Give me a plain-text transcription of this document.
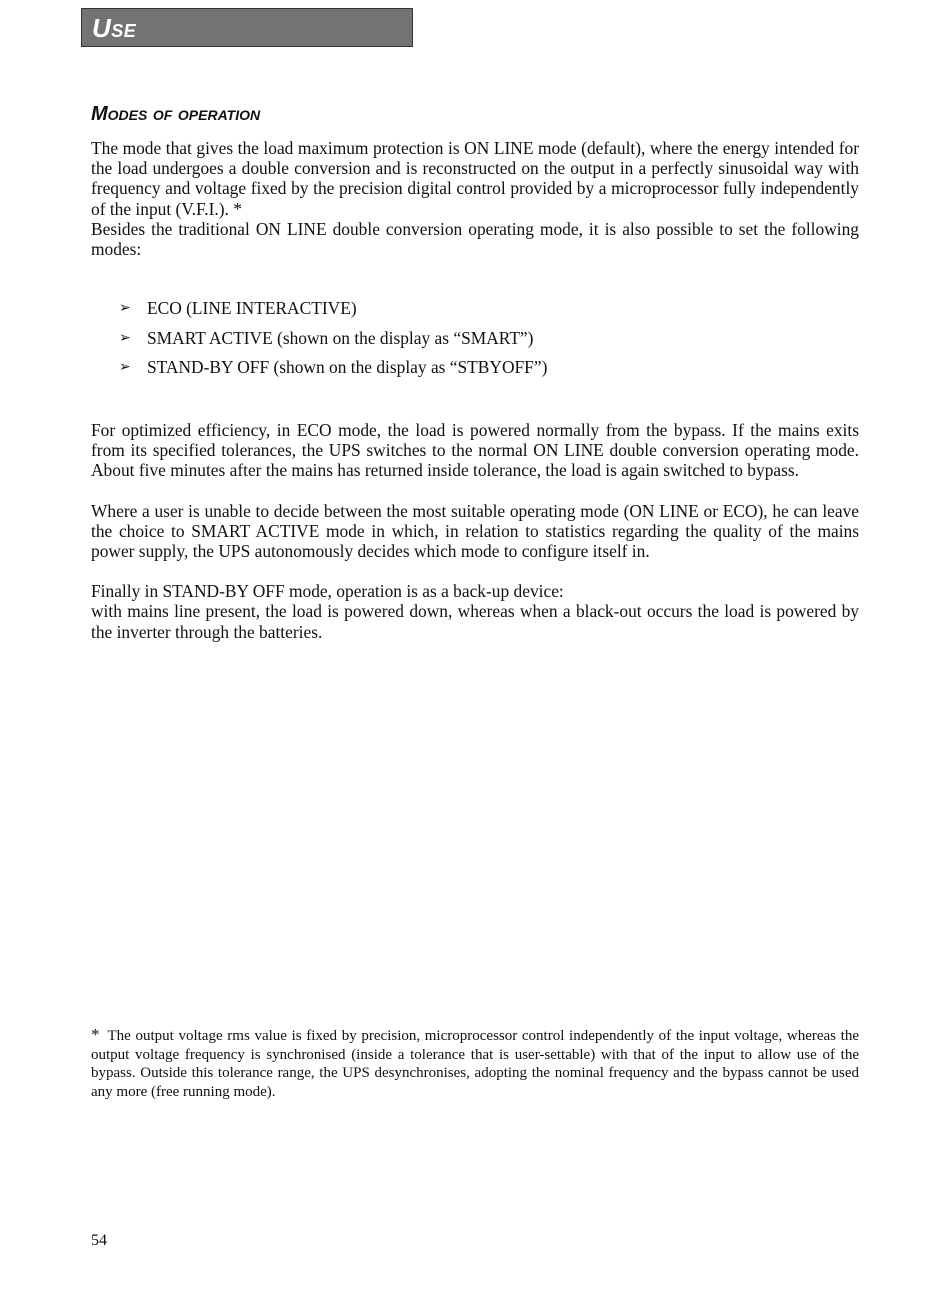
Use
Modes of operation

The mode that gives the load maximum protection is ON LINE mode (default), where the energy intended for the load undergoes a double conversion and is reconstructed on the output in a perfectly sinusoidal way with frequency and voltage fixed by the precision digital control provided by a microprocessor fully independently of the input (V.F.I.). *

Besides the traditional ON LINE double conversion operating mode, it is also possible to set the following modes:

➢ ECO (LINE INTERACTIVE)
➢ SMART ACTIVE (shown on the display as “SMART”)
➢ STAND-BY OFF (shown on the display as “STBYOFF”)

For optimized efficiency, in ECO mode, the load is powered normally from the bypass. If the mains exits from its specified tolerances, the UPS switches to the normal ON LINE double conversion operating mode. About five minutes after the mains has returned inside tolerance, the load is again switched to bypass.

Where a user is unable to decide between the most suitable operating mode (ON LINE or ECO), he can leave the choice to SMART ACTIVE mode in which, in relation to statistics regarding the quality of the mains power supply, the UPS autonomously decides which mode to configure itself in.

Finally in STAND-BY OFF mode, operation is as a back-up device:

with mains line present, the load is powered down, whereas when a black-out occurs the load is powered by the inverter through the batteries.

* The output voltage rms value is fixed by precision, microprocessor control independently of the input voltage, whereas the output voltage frequency is synchronised (inside a tolerance that is user-settable) with that of the input to allow use of the bypass. Outside this tolerance range, the UPS desynchronises, adopting the nominal frequency and the bypass cannot be used any more (free running mode).
54
